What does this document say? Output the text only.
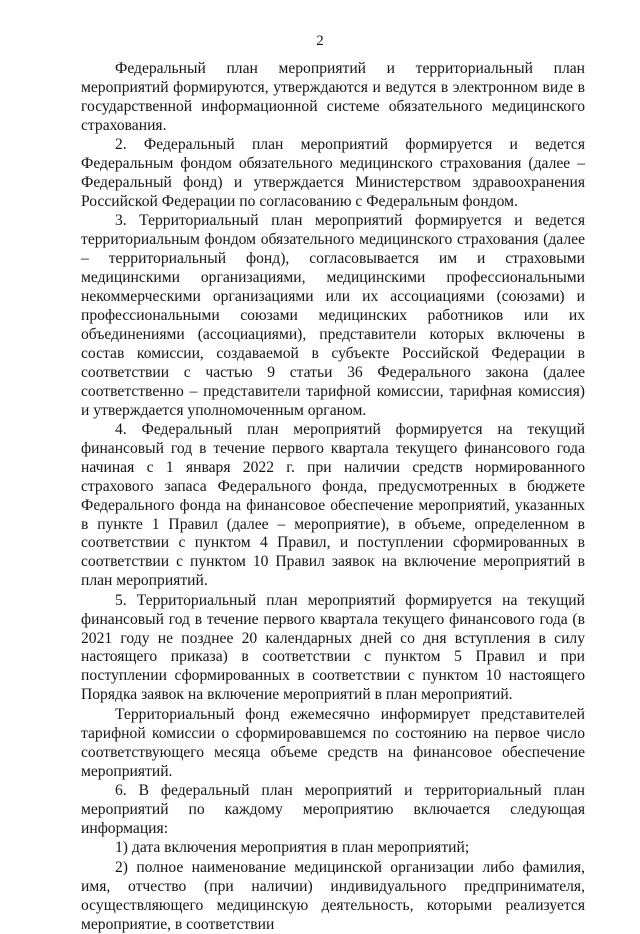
2

Федеральный план мероприятий и территориальный план мероприятий формируются, утверждаются и ведутся в электронном виде в государственной информационной системе обязательного медицинского страхования.

2. Федеральный план мероприятий формируется и ведется Федеральным фондом обязательного медицинского страхования (далее – Федеральный фонд) и утверждается Министерством здравоохранения Российской Федерации по согласованию с Федеральным фондом.

3. Территориальный план мероприятий формируется и ведется территориальным фондом обязательного медицинского страхования (далее – территориальный фонд), согласовывается им и страховыми медицинскими организациями, медицинскими профессиональными некоммерческими организациями или их ассоциациями (союзами) и профессиональными союзами медицинских работников или их объединениями (ассоциациями), представители которых включены в состав комиссии, создаваемой в субъекте Российской Федерации в соответствии с частью 9 статьи 36 Федерального закона (далее соответственно – представители тарифной комиссии, тарифная комиссия) и утверждается уполномоченным органом.

4. Федеральный план мероприятий формируется на текущий финансовый год в течение первого квартала текущего финансового года начиная с 1 января 2022 г. при наличии средств нормированного страхового запаса Федерального фонда, предусмотренных в бюджете Федерального фонда на финансовое обеспечение мероприятий, указанных в пункте 1 Правил (далее – мероприятие), в объеме, определенном в соответствии с пунктом 4 Правил, и поступлении сформированных в соответствии с пунктом 10 Правил заявок на включение мероприятий в план мероприятий.

5. Территориальный план мероприятий формируется на текущий финансовый год в течение первого квартала текущего финансового года (в 2021 году не позднее 20 календарных дней со дня вступления в силу настоящего приказа) в соответствии с пунктом 5 Правил и при поступлении сформированных в соответствии с пунктом 10 настоящего Порядка заявок на включение мероприятий в план мероприятий.

Территориальный фонд ежемесячно информирует представителей тарифной комиссии о сформировавшемся по состоянию на первое число соответствующего месяца объеме средств на финансовое обеспечение мероприятий.

6. В федеральный план мероприятий и территориальный план мероприятий по каждому мероприятию включается следующая информация:

1) дата включения мероприятия в план мероприятий;

2) полное наименование медицинской организации либо фамилия, имя, отчество (при наличии) индивидуального предпринимателя, осуществляющего медицинскую деятельность, которыми реализуется мероприятие, в соответствии
